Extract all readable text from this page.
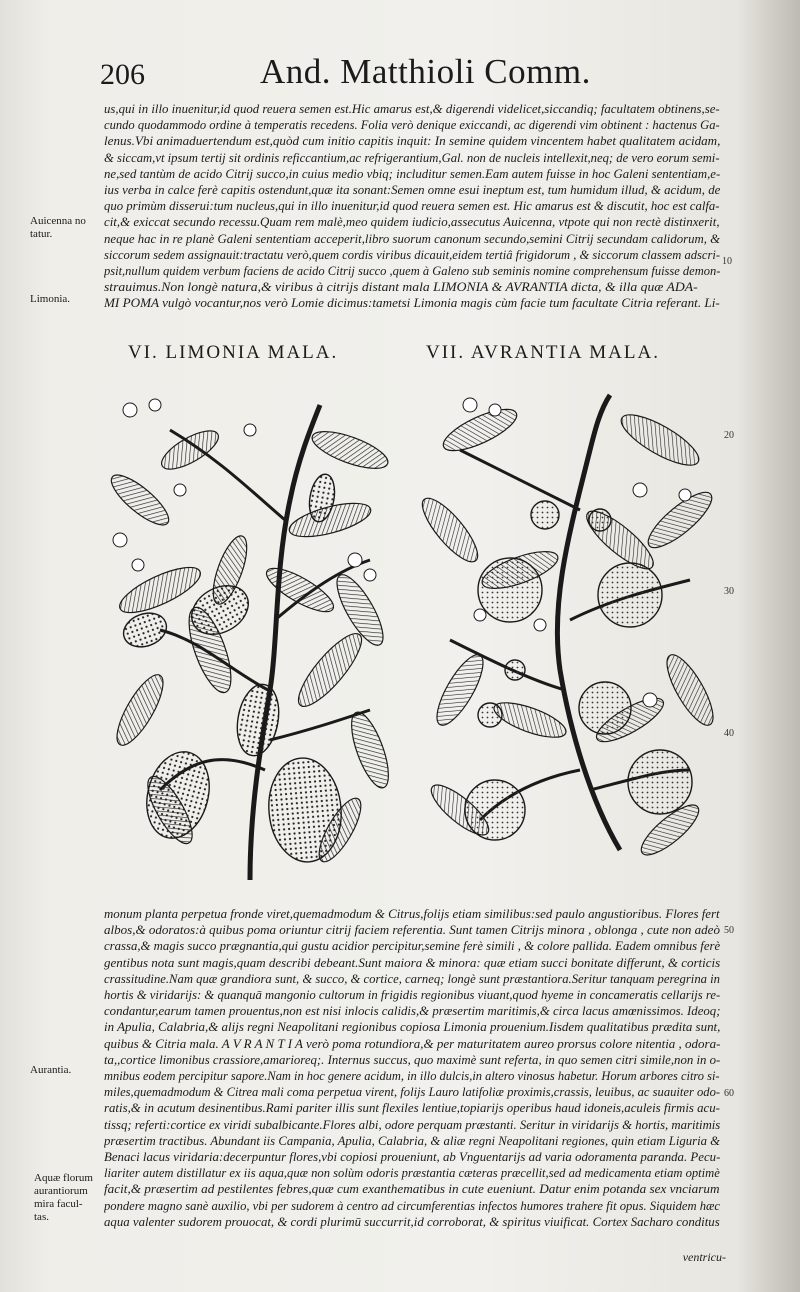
206	And. Matthioli Comm.
us,qui in illo inuenitur,id quod reuera semen est.Hic amarus est,& digerendi videlicet,siccandiq; facultatem obtinens,se-
cundo quodammodo ordine à temperatis recedens. Folia verò denique exiccandi, ac digerendi vim obtinent : hactenus Ga-
lenus.Vbi animaduertendum est,quòd cum initio capitis inquit: In semine quidem vincentem habet qualitatem acidam,
& siccam,vt ipsum tertij sit ordinis reficcantium,ac refrigerantium,Gal. non de nucleis intellexit,neq; de vero eorum semi-
ne,sed tantùm de acido Citrij succo,in cuius medio vbiq; includitur semen.Eam autem fuisse in hoc Galeni sententiam,e-
ius verba in calce ferè capitis ostendunt,quæ ita sonant:Semen omne esui ineptum est, tum humidum illud, & acidum, de
quo primùm disserui:tum nucleus,qui in illo inuenitur,id quod reuera semen est. Hic amarus est & discutit, hoc est calfa-
cit,& exiccat secundo recessu.Quam rem malè,meo quidem iudicio,assecutus Auicenna, vtpote qui non rectè distinxerit,
neque hac in re planè Galeni sententiam acceperit,libro suorum canonum secundo,semini Citrij secundam calidorum, &
siccorum sedem assignauit:tractatu verò,quem cordis viribus dicauit,eidem tertiâ frigidorum , & siccorum classem adscri-
psit,nullum quidem verbum faciens de acido Citrij succo ,quem à Galeno sub seminis nomine comprehensum fuisse demon-
strauimus.Non longè natura,& viribus à citrijs distant mala LIMONIA & AVRANTIA dicta, & illa quæ ADA-
MI POMA vulgò vocantur,nos verò Lomie dicimus:tametsi Limonia magis cùm facie tum facultate Citria referant. Li-
Auicenna no
tatur.
Limonia.
Aurantia.
Aquæ florum
aurantiorum
mira facul-
tas.
10
20
30
40
50
60
VI. LIMONIA MALA.	VII. AVRANTIA MALA.
monum planta perpetua fronde viret,quemadmodum & Citrus,folijs etiam similibus:sed paulo angustioribus. Flores fert
albos,& odoratos:à quibus poma oriuntur citrij faciem referentia. Sunt tamen Citrijs minora , oblonga , cute non adeò
crassa,& magis succo prægnantia,qui gustu acidior percipitur,semine ferè simili , & colore pallida. Eadem omnibus ferè
gentibus nota sunt magis,quam describi debeant.Sunt maiora & minora: quæ etiam succi bonitate differunt, & corticis
crassitudine.Nam quæ grandiora sunt, & succo, & cortice, carneq; longè sunt præstantiora.Seritur tanquam peregrina in
hortis & viridarijs: & quanquā mangonio cultorum in frigidis regionibus viuant,quod hyeme in concameratis cellarijs re-
condantur,earum tamen prouentus,non est nisi inlocis calidis,& præsertim maritimis,& circa lacus amœnissimos. Ideoq;
in Apulia, Calabria,& alijs regni Neapolitani regionibus copiosa Limonia prouenium.Iisdem qualitatibus prædita sunt,
quibus & Citria mala. A V R A N T I A verò poma rotundiora,& per maturitatem aureo prorsus colore nitentia , odora-
ta,,cortice limonibus crassiore,amarioreq;. Internus succus, quo maximè sunt referta, in quo semen citri simile,non in o-
mnibus eodem percipitur sapore.Nam in hoc genere acidum, in illo dulcis,in altero vinosus habetur. Horum arbores citro si-
miles,quemadmodum & Citrea mali coma perpetua virent, folijs Lauro latifoliæ proximis,crassis, leuibus, ac suauiter odo-
ratis,& in acutum desinentibus.Rami pariter illis sunt flexiles lentiue,topiarijs operibus haud idoneis,aculeis firmis acu-
tissq; referti:cortice ex viridi subalbicante.Flores albi, odore perquam præstanti. Seritur in viridarijs & hortis, maritimis
præsertim tractibus. Abundant iis Campania, Apulia, Calabria, & aliæ regni Neapolitani regiones, quin etiam Liguria &
Benaci lacus viridaria:decerpuntur flores,vbi copiosi proueniunt, ab Vnguentarijs ad varia odoramenta paranda. Pecu-
liariter autem distillatur ex iis aqua,quæ non solùm odoris præstantia cæteras præcellit,sed ad medicamenta etiam optimè
facit,& præsertim ad pestilentes febres,quæ cum exanthematibus in cute eueniunt. Datur enim potanda sex vnciarum
pondere magno sanè auxilio, vbi per sudorem à centro ad circumferentias infectos humores trahere fit opus. Siquidem hæc
aqua valenter sudorem prouocat, & cordi plurimū succurrit,id corroborat, & spiritus viuificat. Cortex Sacharo conditus
ventricu-
